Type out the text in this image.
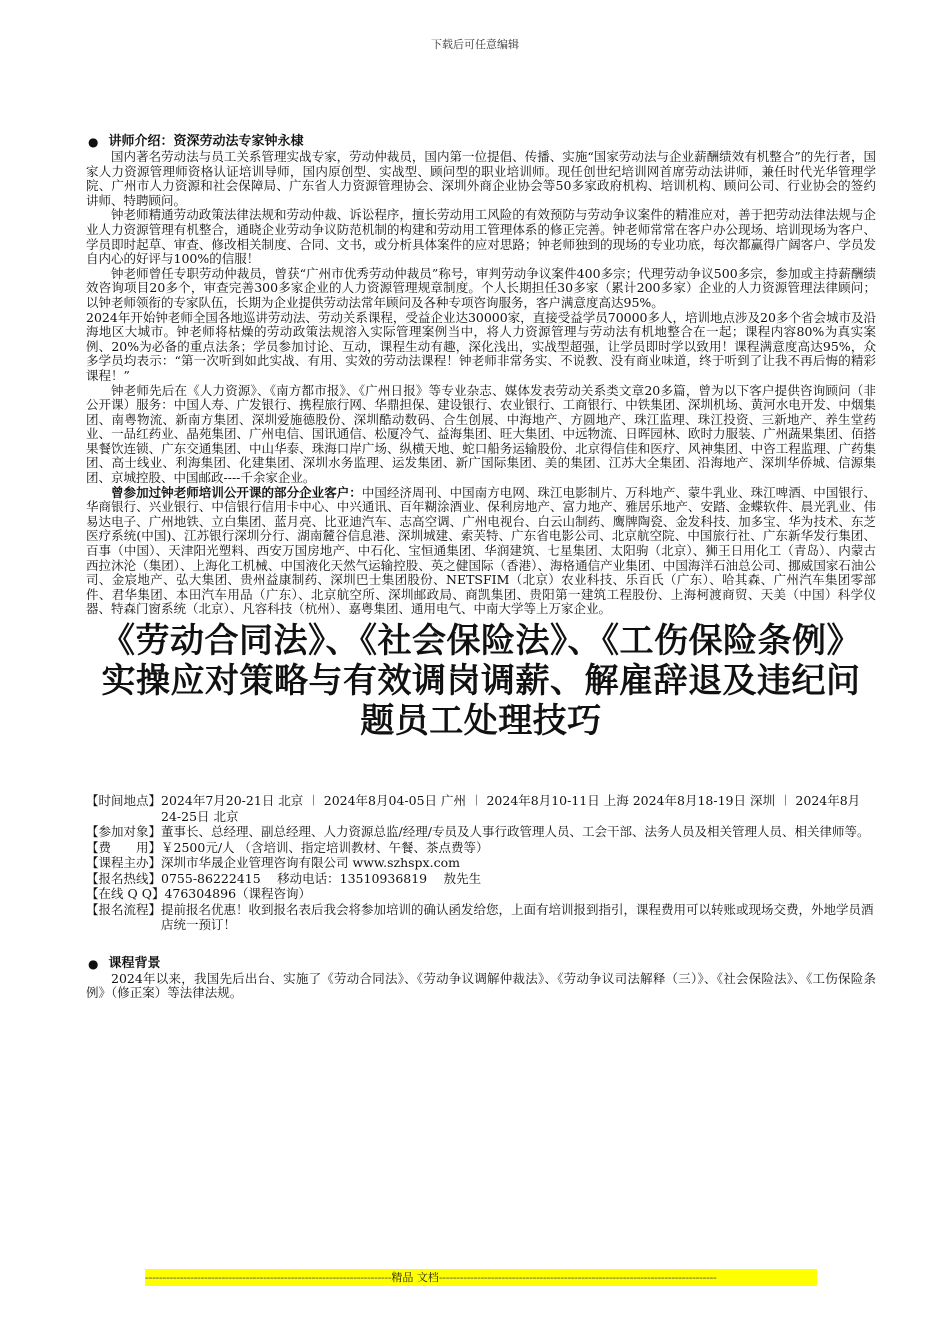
下载后可任意编辑
● 讲师介绍：资深劳动法专家钟永棣

国内著名劳动法与员工关系管理实战专家，劳动仲裁员，国内第一位提倡、传播、实施“国家劳动法与企业薪酬绩效有机整合”的先行者，国家人力资源管理师资格认证培训导师，国内原创型、实战型、顾问型的职业培训师。现任创世纪培训网首席劳动法讲师，兼任时代光华管理学院、广州市人力资源和社会保障局、广东省人力资源管理协会、深圳外商企业协会等50多家政府机构、培训机构、顾问公司、行业协会的签约讲师、特聘顾问。

钟老师精通劳动政策法律法规和劳动仲裁、诉讼程序，擅长劳动用工风险的有效预防与劳动争议案件的精准应对，善于把劳动法律法规与企业人力资源管理有机整合，通晓企业劳动争议防范机制的构建和劳动用工管理体系的修正完善。钟老师常常在客户办公现场、培训现场为客户、学员即时起草、审查、修改相关制度、合同、文书，或分析具体案件的应对思路；钟老师独到的现场的专业功底，每次都赢得广阔客户、学员发自内心的好评与100%的信服！

钟老师曾任专职劳动仲裁员，曾获“广州市优秀劳动仲裁员”称号，审判劳动争议案件400多宗；代理劳动争议500多宗，参加或主持薪酬绩效咨询项目20多个，审查完善300多家企业的人力资源管理规章制度。个人长期担任30多家（累计200多家）企业的人力资源管理法律顾问；以钟老师领衔的专家队伍，长期为企业提供劳动法常年顾问及各种专项咨询服务，客户满意度高达95%。

2024年开始钟老师全国各地巡讲劳动法、劳动关系课程，受益企业达30000家，直接受益学员70000多人，培训地点涉及20多个省会城市及沿海地区大城市。钟老师将枯燥的劳动政策法规溶入实际管理案例当中，将人力资源管理与劳动法有机地整合在一起；课程内容80%为真实案例、20%为必备的重点法条；学员参加讨论、互动，课程生动有趣，深化浅出，实战型超强，让学员即时学以致用！课程满意度高达95%，众多学员均表示：“第一次听到如此实战、有用、实效的劳动法课程！钟老师非常务实、不说教、没有商业味道，终于听到了让我不再后悔的精彩课程！”

钟老师先后在《人力资源》、《南方都市报》、《广州日报》等专业杂志、媒体发表劳动关系类文章20多篇，曾为以下客户提供咨询顾问（非公开课）服务：中国人寿、广发银行、携程旅行网、华鼎担保、建设银行、农业银行、工商银行、中铁集团、深圳机场、黄河水电开发、中烟集团、南粤物流、新南方集团、深圳爱施德股份、深圳酷动数码、合生创展、中海地产、方圆地产、珠江监理、珠江投资、三新地产、养生堂药业、一品红药业、晶苑集团、广州电信、国讯通信、松厦冷气、益海集团、旺大集团、中远物流、日晖园林、欧时力服装、广州蔬果集团、佰搭果餐饮连锁、广东交通集团、中山华泰、珠海口岸广场、纵横天地、蛇口船务运输股份、北京得信佳和医疗、风神集团、中咨工程监理、广药集团、高士线业、利海集团、化建集团、深圳水务监理、运发集团、新广国际集团、美的集团、江苏大全集团、沿海地产、深圳华侨城、信源集团、京城控股、中国邮政----千余家企业。

曾参加过钟老师培训公开课的部分企业客户：中国经济周刊、中国南方电网、珠江电影制片、万科地产、蒙牛乳业、珠江啤酒、中国银行、华商银行、兴业银行、中信银行信用卡中心、中兴通讯、百年糊涂酒业、保利房地产、富力地产、雅居乐地产、安踏、金蝶软件、晨光乳业、伟易达电子、广州地铁、立白集团、蓝月亮、比亚迪汽车、志高空调、广州电视台、白云山制药、鹰牌陶瓷、金发科技、加多宝、华为技术、东芝医疗系统(中国)、江苏银行深圳分行、湖南麓谷信息港、深圳城建、索芙特、广东省电影公司、北京航空院、中国旅行社、广东新华发行集团、百事（中国）、天津阳光塑料、西安万国房地产、中石化、宝恒通集团、华润建筑、七星集团、太阳驹（北京）、狮王日用化工（青岛）、内蒙古西拉沐沦（集团）、上海化工机械、中国液化天然气运输控股、英之健国际（香港）、海格通信产业集团、中国海洋石油总公司、挪威国家石油公司、金宸地产、弘大集团、贵州益康制药、深圳巴士集团股份、NETSFIM（北京）农业科技、乐百氏（广东）、哈其森、广州汽车集团零部件、君华集团、本田汽车用品（广东）、北京航空所、深圳邮政局、商凯集团、贵阳第一建筑工程股份、上海柯渡商贸、天美（中国）科学仪器、特森门窗系统（北京）、凡容科技（杭州）、嘉粤集团、通用电气、中南大学等上万家企业。

《劳动合同法》、《社会保险法》、《工伤保险条例》实操应对策略与有效调岗调薪、解雇辞退及违纪问题员工处理技巧
【时间地点】 2024年7月20-21日 北京 ︱ 2024年8月04-05日 广州 ︱ 2024年8月10-11日 上海 2024年8月18-19日 深圳 ︱ 2024年8月24-25日 北京
【参加对象】 董事长、总经理、副总经理、人力资源总监/经理/专员及人事行政管理人员、工会干部、法务人员及相关管理人员、相关律师等。
【费　　用】 ￥2500元/人 （含培训、指定培训教材、午餐、茶点费等）
【课程主办】 深圳市华晟企业管理咨询有限公司 www.szhspx.com
【报名热线】 0755-86222415　 移动电话：13510936819　 敖先生
【在线 Q Q】 476304896（课程咨询）
【报名流程】 提前报名优惠！收到报名表后我会将参加培训的确认函发给您，上面有培训报到指引，课程费用可以转账或现场交费，外地学员酒店统一预订！
● 课程背景

2024年以来，我国先后出台、实施了《劳动合同法》、《劳动争议调解仲裁法》、《劳动争议司法解释（三）》、《社会保险法》、《工伤保险条例》（修正案）等法律法规。

-----------------------------------------------------------------------精品 文档--------------------------------------------------------------------------------
